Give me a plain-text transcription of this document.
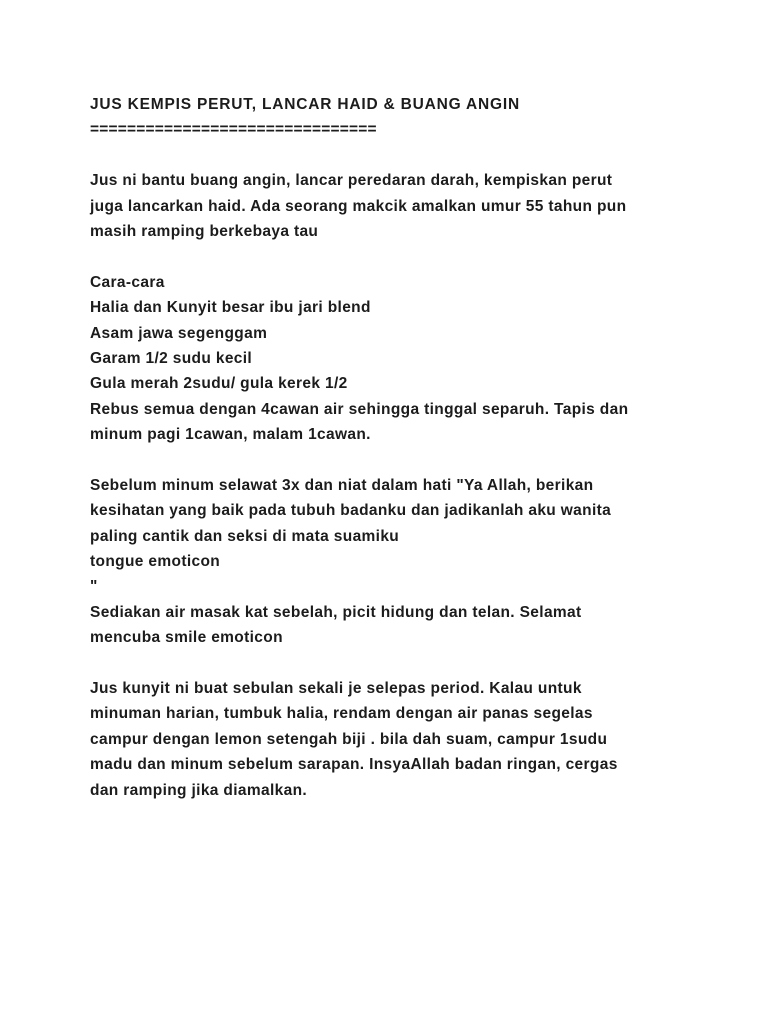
JUS KEMPIS PERUT, LANCAR HAID & BUANG ANGIN
===============================
Jus ni bantu buang angin, lancar peredaran darah, kempiskan perut
juga lancarkan haid. Ada seorang makcik amalkan umur 55 tahun pun
masih ramping berkebaya tau
Cara-cara
Halia dan Kunyit besar ibu jari blend
Asam jawa segenggam
Garam 1/2 sudu kecil
Gula merah 2sudu/ gula kerek 1/2
Rebus semua dengan 4cawan air sehingga tinggal separuh. Tapis dan
minum pagi 1cawan, malam 1cawan.
Sebelum minum selawat 3x dan niat dalam hati "Ya Allah, berikan
kesihatan yang baik pada tubuh badanku dan jadikanlah aku wanita
paling cantik dan seksi di mata suamiku
tongue emoticon
"
Sediakan air masak kat sebelah, picit hidung dan telan. Selamat
mencuba smile emoticon
Jus kunyit ni buat sebulan sekali je selepas period. Kalau untuk
minuman harian, tumbuk halia, rendam dengan air panas segelas
campur dengan lemon setengah biji . bila dah suam, campur 1sudu
madu dan minum sebelum sarapan. InsyaAllah badan ringan, cergas
dan ramping jika diamalkan.
